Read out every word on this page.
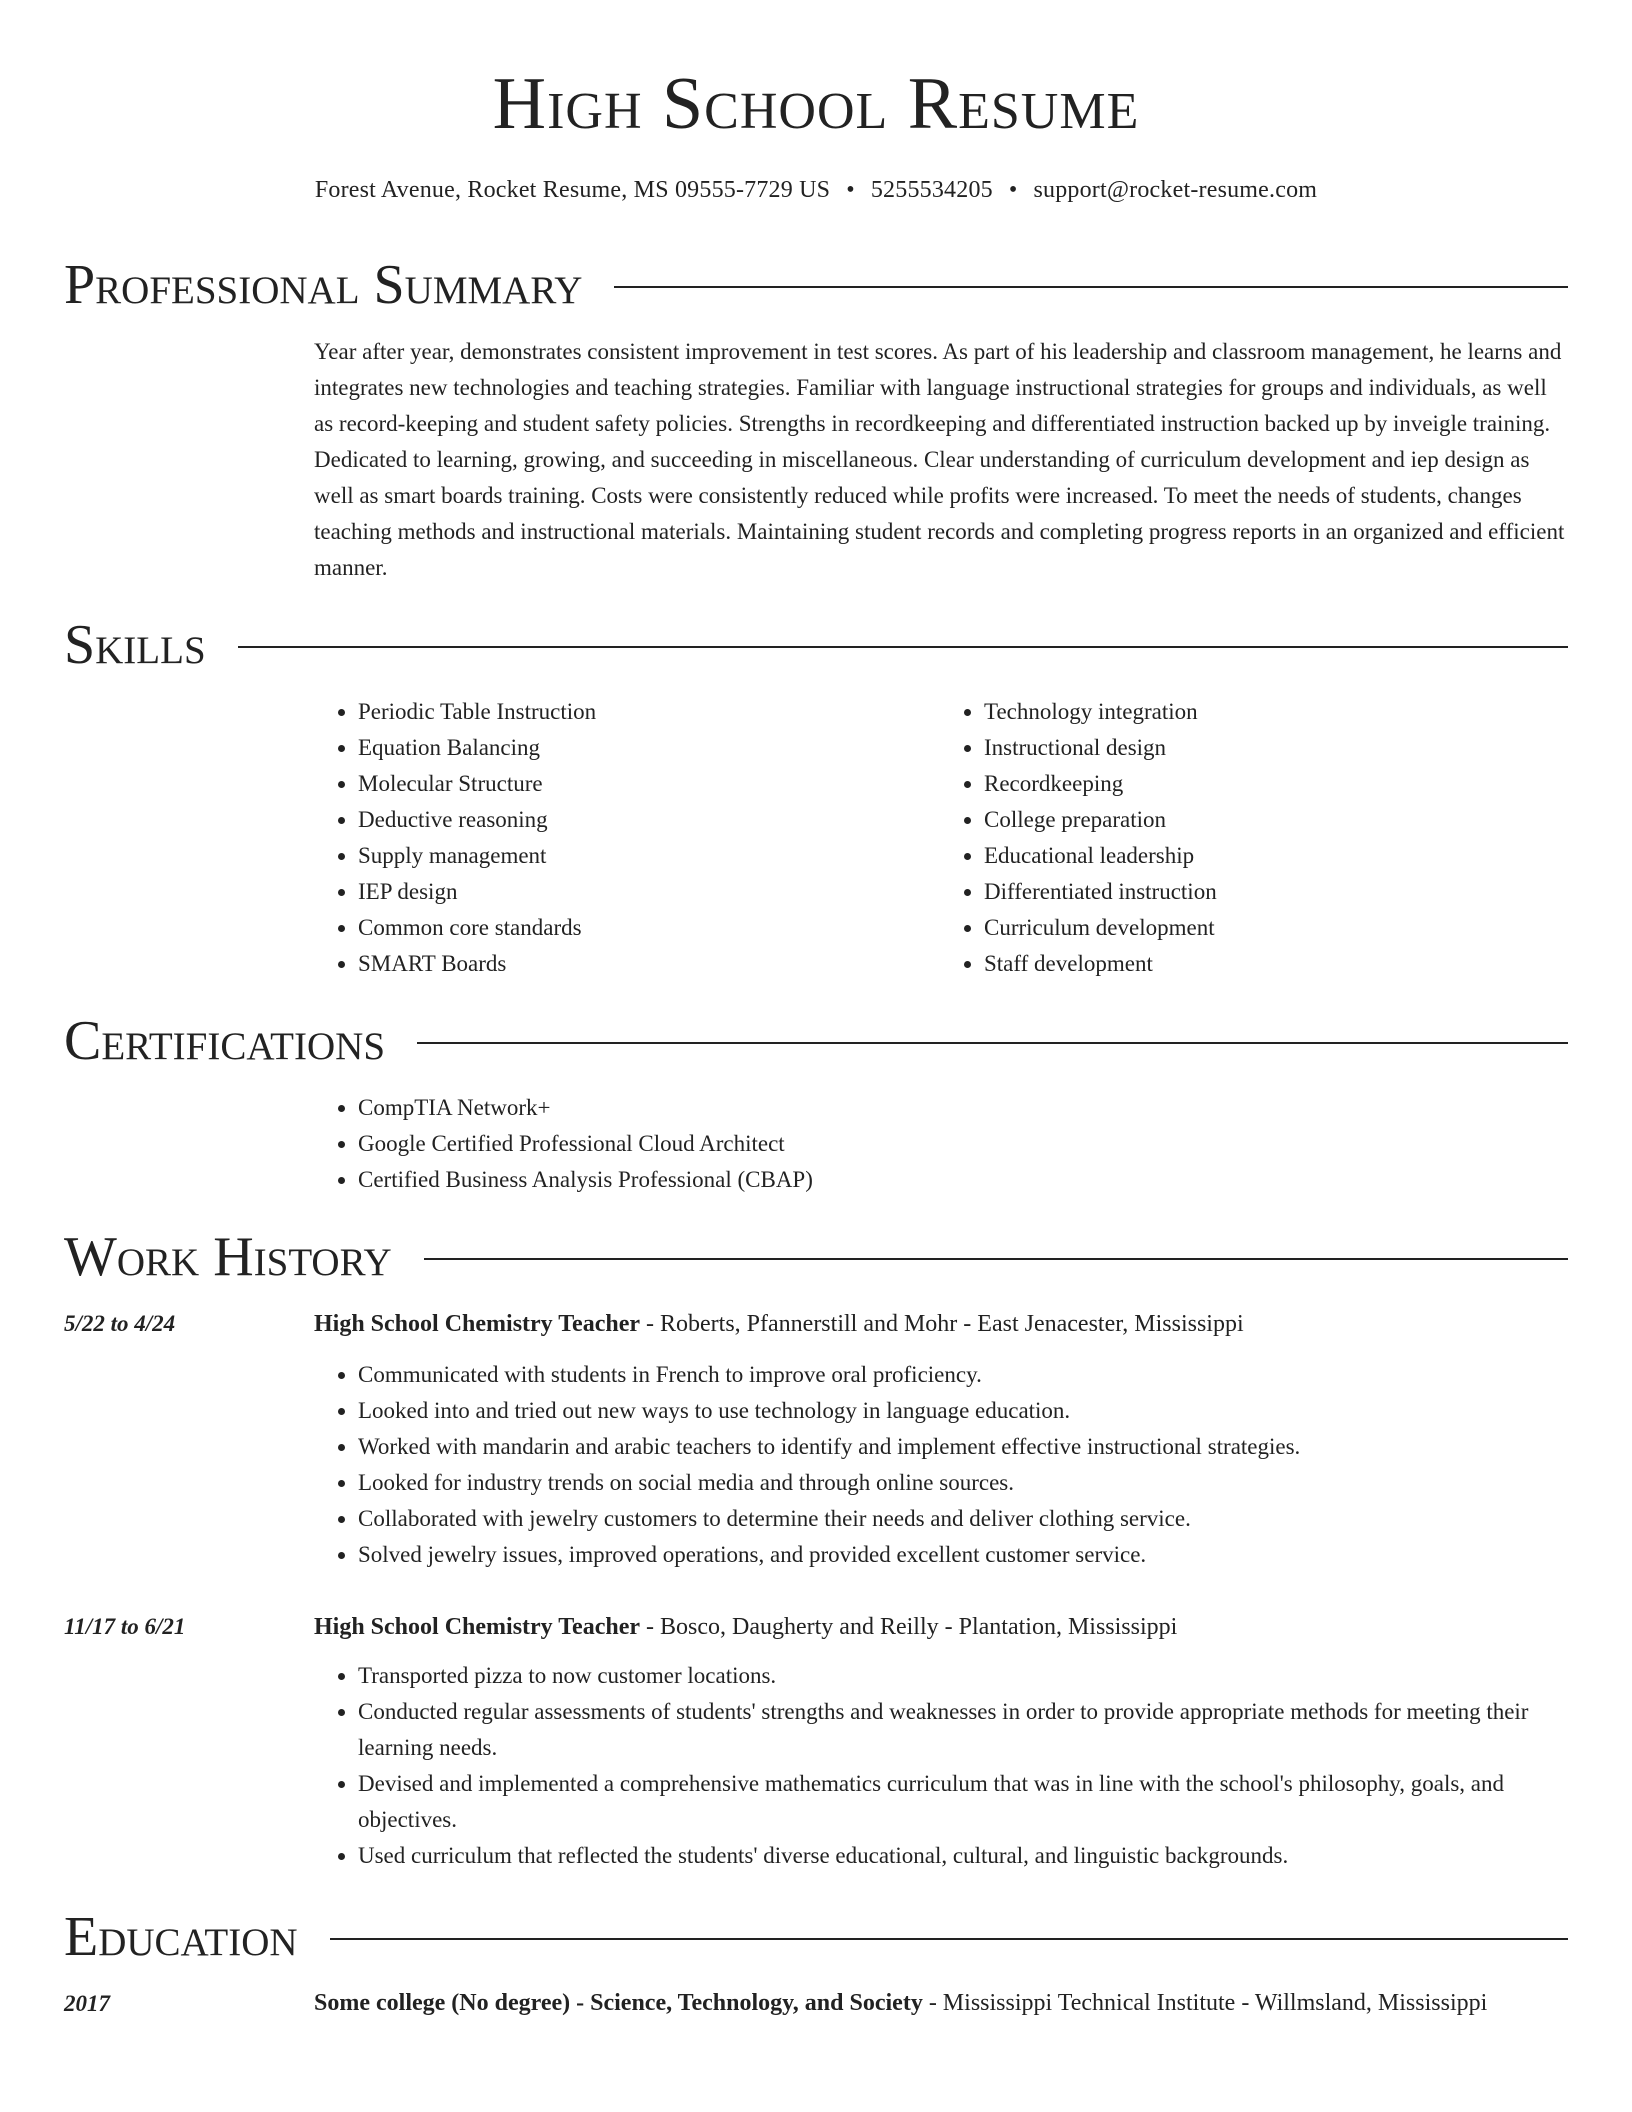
High School Resume
Forest Avenue, Rocket Resume, MS 09555-7729 US • 5255534205 • support@rocket-resume.com
Professional Summary

Year after year, demonstrates consistent improvement in test scores. As part of his leadership and classroom management, he learns and integrates new technologies and teaching strategies. Familiar with language instructional strategies for groups and individuals, as well as record-keeping and student safety policies. Strengths in recordkeeping and differentiated instruction backed up by inveigle training. Dedicated to learning, growing, and succeeding in miscellaneous. Clear understanding of curriculum development and iep design as well as smart boards training. Costs were consistently reduced while profits were increased. To meet the needs of students, changes teaching methods and instructional materials. Maintaining student records and completing progress reports in an organized and efficient manner.

Skills
• Periodic Table Instruction
• Equation Balancing
• Molecular Structure
• Deductive reasoning
• Supply management
• IEP design
• Common core standards
• SMART Boards
• Technology integration
• Instructional design
• Recordkeeping
• College preparation
• Educational leadership
• Differentiated instruction
• Curriculum development
• Staff development
Certifications
• CompTIA Network+
• Google Certified Professional Cloud Architect
• Certified Business Analysis Professional (CBAP)
Work History
5/22 to 4/24	High School Chemistry Teacher - Roberts, Pfannerstill and Mohr - East Jenacester, Mississippi
• Communicated with students in French to improve oral proficiency.
• Looked into and tried out new ways to use technology in language education.
• Worked with mandarin and arabic teachers to identify and implement effective instructional strategies.
• Looked for industry trends on social media and through online sources.
• Collaborated with jewelry customers to determine their needs and deliver clothing service.
• Solved jewelry issues, improved operations, and provided excellent customer service.
11/17 to 6/21	High School Chemistry Teacher - Bosco, Daugherty and Reilly - Plantation, Mississippi
• Transported pizza to now customer locations.
• Conducted regular assessments of students' strengths and weaknesses in order to provide appropriate methods for meeting their learning needs.
• Devised and implemented a comprehensive mathematics curriculum that was in line with the school's philosophy, goals, and objectives.
• Used curriculum that reflected the students' diverse educational, cultural, and linguistic backgrounds.
Education
2017	Some college (No degree) - Science, Technology, and Society - Mississippi Technical Institute - Willmsland, Mississippi
